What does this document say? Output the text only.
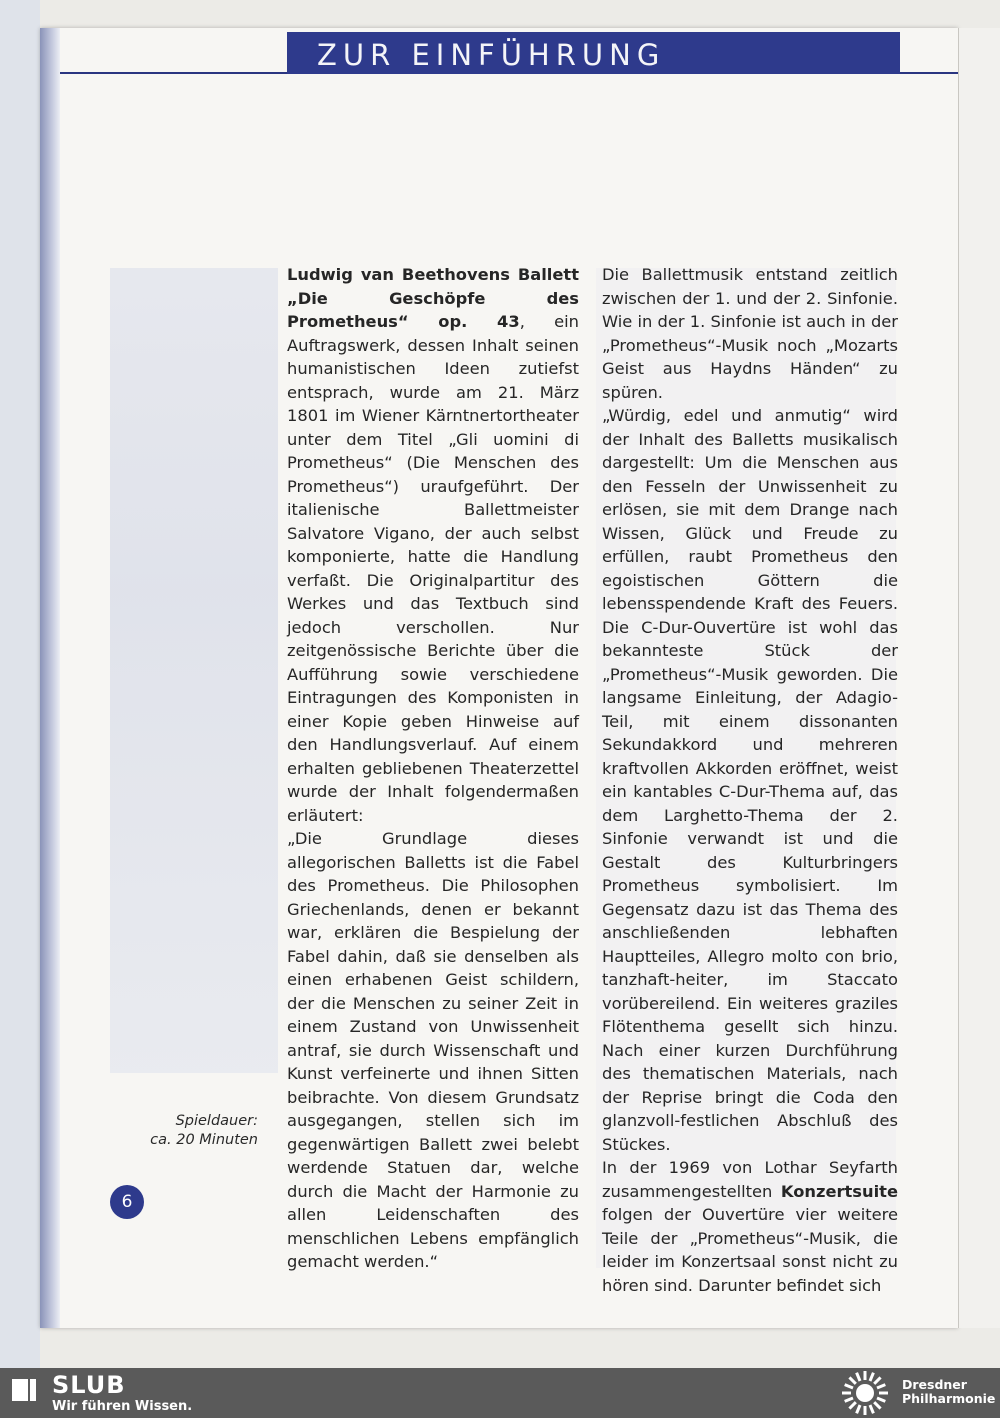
ZUR EINFÜHRUNG

Ludwig van Beethovens Ballett „Die Geschöpfe des Prometheus“ op. 43, ein Auftragswerk, dessen Inhalt seinen humanistischen Ideen zutiefst entsprach, wurde am 21. März 1801 im Wiener Kärntnertortheater unter dem Titel „Gli uomini di Prometheus“ (Die Menschen des Prometheus“) uraufgeführt. Der italienische Ballettmeister Salvatore Vigano, der auch selbst komponierte, hatte die Handlung verfaßt. Die Originalpartitur des Werkes und das Textbuch sind jedoch verschollen. Nur zeitgenössische Berichte über die Aufführung sowie verschiedene Eintragungen des Komponisten in einer Kopie geben Hinweise auf den Handlungsverlauf. Auf einem erhalten gebliebenen Theaterzettel wurde der Inhalt folgendermaßen erläutert:

„Die Grundlage dieses allegorischen Balletts ist die Fabel des Prometheus. Die Philosophen Griechenlands, denen er bekannt war, erklären die Bespielung der Fabel dahin, daß sie denselben als einen erhabenen Geist schildern, der die Menschen zu seiner Zeit in einem Zustand von Unwissenheit antraf, sie durch Wissenschaft und Kunst verfeinerte und ihnen Sitten beibrachte. Von diesem Grundsatz ausgegangen, stellen sich im gegenwärtigen Ballett zwei belebt werdende Statuen dar, welche durch die Macht der Harmonie zu allen Leidenschaften des menschlichen Lebens empfänglich gemacht werden.“

Die Ballettmusik entstand zeitlich zwischen der 1. und der 2. Sinfonie. Wie in der 1. Sinfonie ist auch in der „Prometheus“-Musik noch „Mozarts Geist aus Haydns Händen“ zu spüren.

„Würdig, edel und anmutig“ wird der Inhalt des Balletts musikalisch dargestellt: Um die Menschen aus den Fesseln der Unwissenheit zu erlösen, sie mit dem Drange nach Wissen, Glück und Freude zu erfüllen, raubt Prometheus den egoistischen Göttern die lebensspendende Kraft des Feuers. Die C-Dur-Ouvertüre ist wohl das bekannteste Stück der „Prometheus“-Musik geworden. Die langsame Einleitung, der Adagio-Teil, mit einem dissonanten Sekundakkord und mehreren kraftvollen Akkorden eröffnet, weist ein kantables C-Dur-Thema auf, das dem Larghetto-Thema der 2. Sinfonie verwandt ist und die Gestalt des Kulturbringers Prometheus symbolisiert. Im Gegensatz dazu ist das Thema des anschließenden lebhaften Hauptteiles, Allegro molto con brio, tanzhaft-heiter, im Staccato vorübereilend. Ein weiteres graziles Flötenthema gesellt sich hinzu. Nach einer kurzen Durchführung des thematischen Materials, nach der Reprise bringt die Coda den glanzvoll-festlichen Abschluß des Stückes.

In der 1969 von Lothar Seyfarth zusammengestellten Konzertsuite folgen der Ouvertüre vier weitere Teile der „Prometheus“-Musik, die leider im Konzertsaal sonst nicht zu hören sind. Darunter befindet sich

Spieldauer:
ca. 20 Minuten
6
SLUB
Wir führen Wissen.
Dresdner
Philharmonie
